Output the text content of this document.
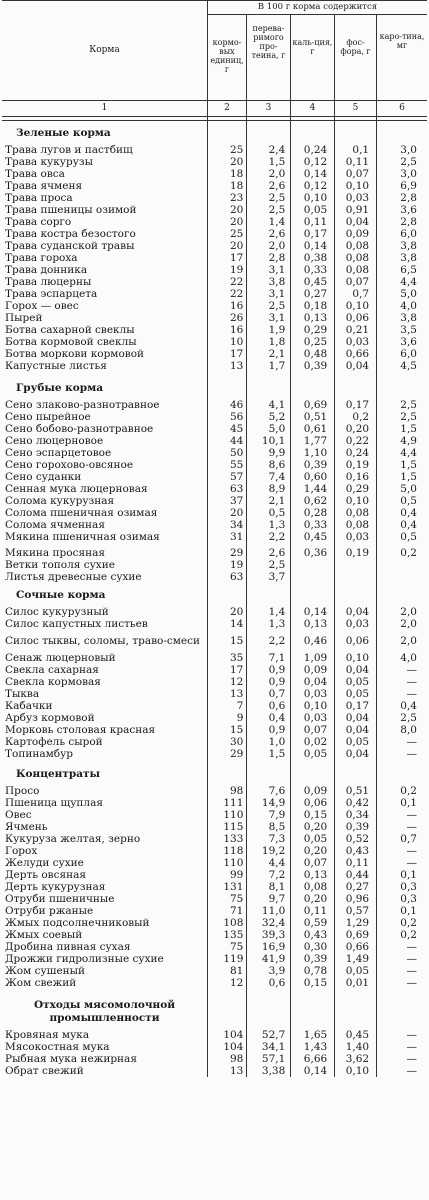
Корма
В 100 г корма содержится
кормо-вых единиц, г
перева-римого про-теина, г
каль-ция, г
фос-фора, г
каро-тина, мг
1	2	3	4	5	6
Зеленые корма
Трава лугов и пастбищ	25	2,4	0,24	0,1	3,0
Трава кукурузы	20	1,5	0,12	0,11	2,5
Трава овса	18	2,0	0,14	0,07	3,0
Трава ячменя	18	2,6	0,12	0,10	6,9
Трава проса	23	2,5	0,10	0,03	2,8
Трава пшеницы озимой	20	2,5	0,05	0,91	3,6
Трава сорго	20	1,4	0,11	0,04	2,8
Трава костра безостого	25	2,6	0,17	0,09	6,0
Трава суданской травы	20	2,0	0,14	0,08	3,8
Трава гороха	17	2,8	0,38	0,08	3,8
Трава донника	19	3,1	0,33	0,08	6,5
Трава люцерны	22	3,8	0,45	0,07	4,4
Трава эспарцета	22	3,1	0,27	0,7	5,0
Горох — овес	16	2,5	0,18	0,10	4,0
Пырей	26	3,1	0,13	0,06	3,8
Ботва сахарной свеклы	16	1,9	0,29	0,21	3,5
Ботва кормовой свеклы	10	1,8	0,25	0,03	3,6
Ботва моркови кормовой	17	2,1	0,48	0,66	6,0
Капустные листья	13	1,7	0,39	0,04	4,5
Грубые корма
Сено злаково-разнотравное	46	4,1	0,69	0,17	2,5
Сено пырейное	56	5,2	0,51	0,2	2,5
Сено бобово-разнотравное	45	5,0	0,61	0,20	1,5
Сено люцерновое	44	10,1	1,77	0,22	4,9
Сено эспарцетовое	50	9,9	1,10	0,24	4,4
Сено горохово-овсяное	55	8,6	0,39	0,19	1,5
Сено суданки	57	7,4	0,60	0,16	1,5
Сенная мука люцерновая	63	8,9	1,44	0,29	5,0
Солома кукурузная	37	2,1	0,62	0,10	0,5
Солома пшеничная озимая	20	0,5	0,28	0,08	0,4
Солома ячменная	34	1,3	0,33	0,08	0,4
Мякина пшеничная озимая	31	2,2	0,45	0,03	0,5
Мякина просяная	29	2,6	0,36	0,19	0,2
Ветки тополя сухие	19	2,5
Листья древесные сухие	63	3,7
Сочные корма
Силос кукурузный	20	1,4	0,14	0,04	2,0
Силос капустных листьев	14	1,3	0,13	0,03	2,0
Силос тыквы, соломы, траво-смеси	15	2,2	0,46	0,06	2,0
Сенаж люцерновый	35	7,1	1,09	0,10	4,0
Свекла сахарная	17	0,9	0,09	0,04	—
Свекла кормовая	12	0,9	0,04	0,05	—
Тыква	13	0,7	0,03	0,05	—
Кабачки	7	0,6	0,10	0,17	0,4
Арбуз кормовой	9	0,4	0,03	0,04	2,5
Морковь столовая красная	15	0,9	0,07	0,04	8,0
Картофель сырой	30	1,0	0,02	0,05	—
Топинамбур	29	1,5	0,05	0,04	—
Концентраты
Просо	98	7,6	0,09	0,51	0,2
Пшеница щуплая	111	14,9	0,06	0,42	0,1
Овес	110	7,9	0,15	0,34	—
Ячмень	115	8,5	0,20	0,39	—
Кукуруза желтая, зерно	133	7,3	0,05	0,52	0,7
Горох	118	19,2	0,20	0,43	—
Желуди сухие	110	4,4	0,07	0,11	—
Дерть овсяная	99	7,2	0,13	0,44	0,1
Дерть кукурузная	131	8,1	0,08	0,27	0,3
Отруби пшеничные	75	9,7	0,20	0,96	0,3
Отруби ржаные	71	11,0	0,11	0,57	0,1
Жмых подсолнечниковый	108	32,4	0,59	1,29	0,2
Жмых соевый	135	39,3	0,43	0,69	0,2
Дробина пивная сухая	75	16,9	0,30	0,66	—
Дрожжи гидролизные сухие	119	41,9	0,39	1,49	—
Жом сушеный	81	3,9	0,78	0,05	—
Жом свежий	12	0,6	0,15	0,01	—
Отходы мясомолочной промышленности
Кровяная мука	104	52,7	1,65	0,45	—
Мясокостная мука	104	34,1	1,43	1,40	—
Рыбная мука нежирная	98	57,1	6,66	3,62	—
Обрат свежий	13	3,38	0,14	0,10	—
